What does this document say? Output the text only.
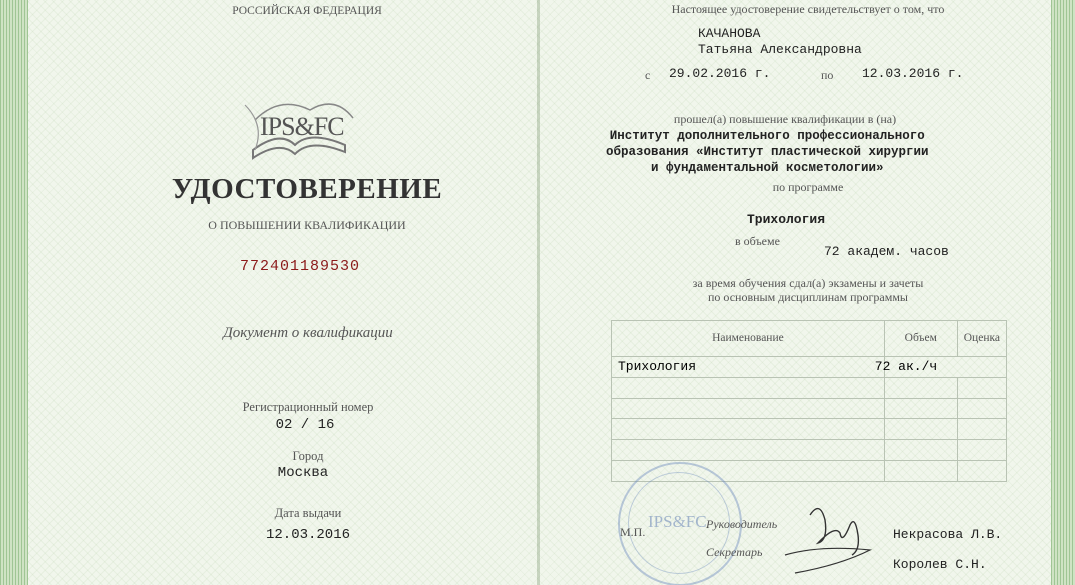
РОССИЙСКАЯ ФЕДЕРАЦИЯ
IPS&FC
УДОСТОВЕРЕНИЕ
О ПОВЫШЕНИИ КВАЛИФИКАЦИИ
772401189530
Документ о квалификации
Регистрационный номер
02 / 16
Город
Москва
Дата выдачи
12.03.2016
Настоящее удостоверение свидетельствует о том, что
КАЧАНОВА
Татьяна Александровна
с 29.02.2016 г.	по 12.03.2016 г.
прошел(а) повышение квалификации в (на)
Институт дополнительного профессионального
образования «Институт пластической хирургии
и фундаментальной косметологии»
по программе
Трихология
в объеме
72 академ. часов
за время обучения сдал(а) экзамены и зачеты
по основным дисциплинам программы
Наименование	Объем	Оценка
Трихология	72 ак./ч	

IPS&FC
М.П.
Руководитель
Секретарь
Некрасова Л.В.
Королев С.Н.
